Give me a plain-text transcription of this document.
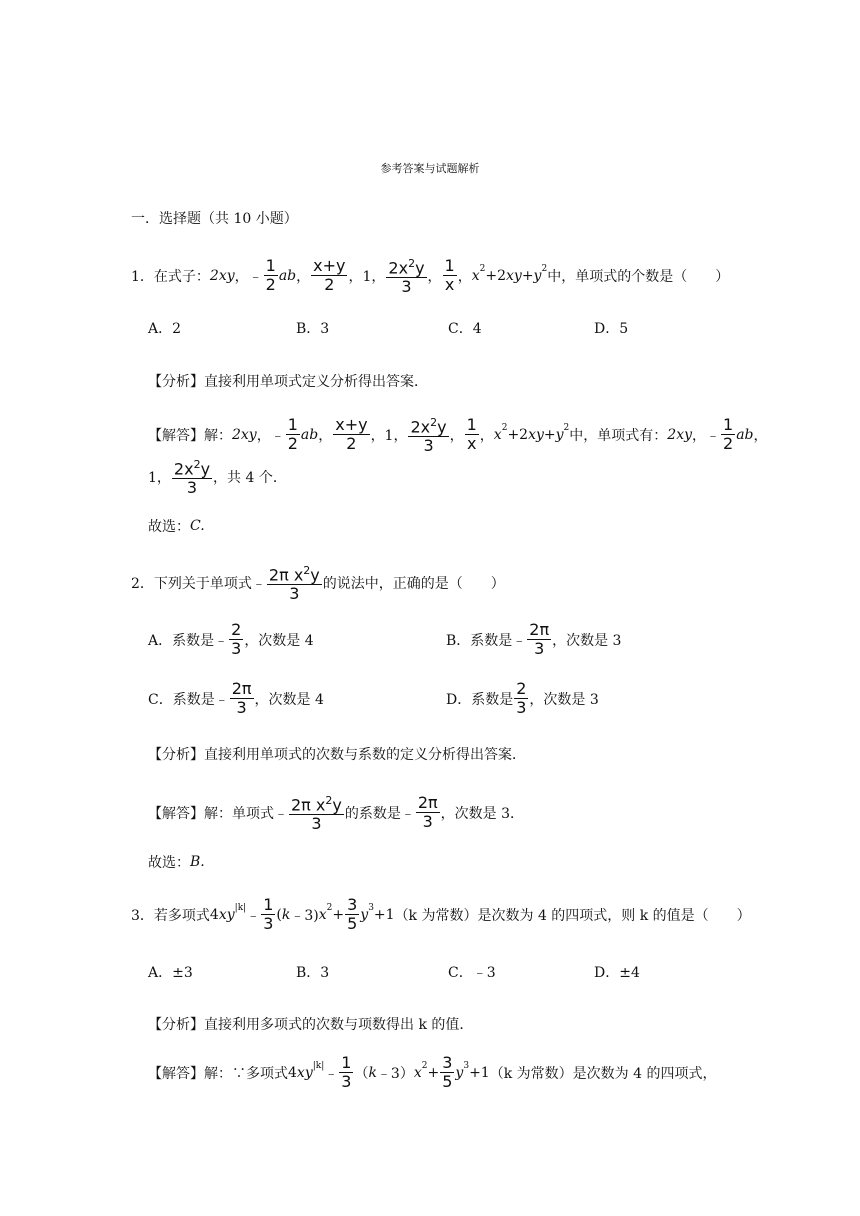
参考答案与试题解析
一．选择题（共 10 小题）
1．在式子： 2xy ，﹣
1
2 ab ，
x+y
2 ，1， $2x^2y$
3
，
1
x ， x 2 +2 xy + y 2 中，单项式的个数是（　　）
A．2	B．3	C．4	D．5
【分析】直接利用单项式定义分析得出答案．
【解答】 解： 2xy ，﹣
1
2 ab ，
x+y
2 ，1， $2x^2y$
3
，
1
x ， x 2 +2 xy + y 2 中，单项式有： 2xy ，﹣
1
2 ab ，
1， $2x^2y$
3
，共 4 个．
故选： C.
2．下列关于单项式 ﹣ 2π $x^2y$
3
的说法中，正确的是（　　）
A．系数是 ﹣
2
3 ，次数是 4	B．系数是 ﹣
2π
3 ，次数是 3
C．系数是 ﹣
2π
3 ，次数是 4	D．系数是
2
3 ，次数是 3
【分析】直接利用单项式的次数与系数的定义分析得出答案．
【解答】 解：单项式 ﹣ 2π $x^2y$
3
的系数是 ﹣
2π
3 ，次数是 3．
故选： B.
3．若多项式 4 xy |k| ﹣
1
3 ( k ﹣3) x 2 +
3
5 y 3 +1 （k 为常数）是次数为 4 的四项式，则 k 的值是（　　）
A．±3	B．3	C．﹣3	D．±4
【分析】直接利用多项式的次数与项数得出 k 的值．
【解答】 解：∵多项式 4 xy |k| ﹣
1
3 （ k ﹣3） x 2 +
3
5 y 3 +1 （k 为常数）是次数为 4 的四项式，
